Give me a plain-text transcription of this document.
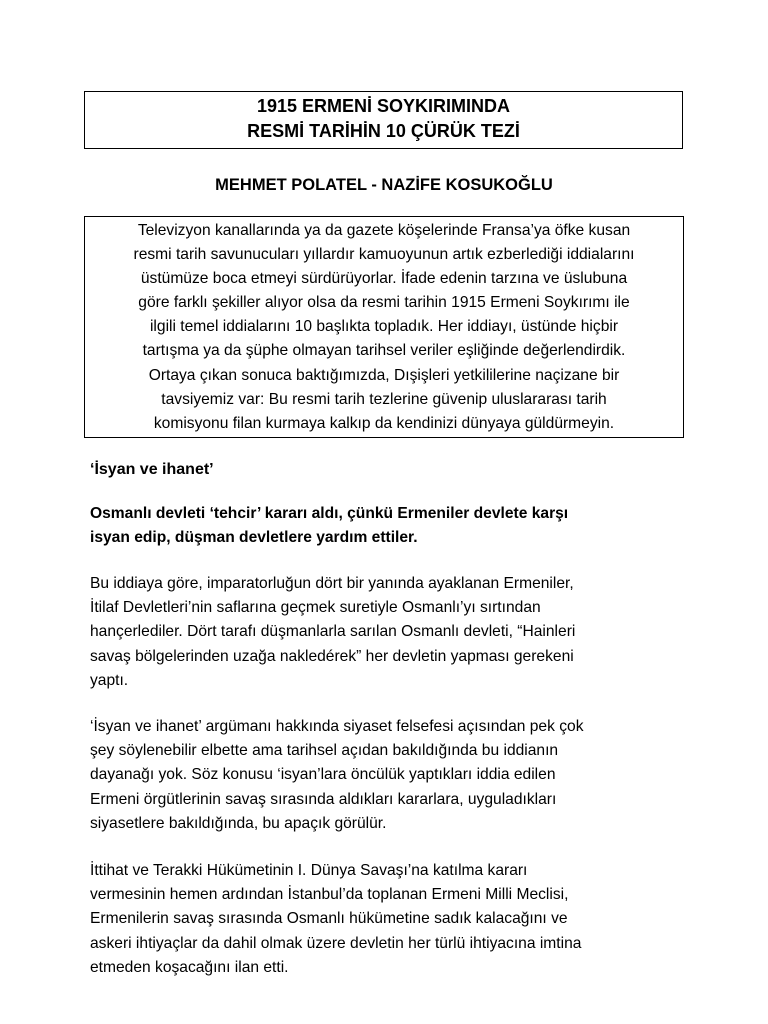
1915 ERMENİ SOYKIRIMINDA
RESMİ TARİHİN 10 ÇÜRÜK TEZİ
MEHMET POLATEL - NAZİFE KOSUKOĞLU
Televizyon kanallarında ya da gazete köşelerinde Fransa’ya öfke kusan
resmi tarih savunucuları yıllardır kamuoyunun artık ezberlediği iddialarını
üstümüze boca etmeyi sürdürüyorlar. İfade edenin tarzına ve üslubuna
göre farklı şekiller alıyor olsa da resmi tarihin 1915 Ermeni Soykırımı ile
ilgili temel iddialarını 10 başlıkta topladık. Her iddiayı, üstünde hiçbir
tartışma ya da şüphe olmayan tarihsel veriler eşliğinde değerlendirdik.
Ortaya çıkan sonuca baktığımızda, Dışişleri yetkililerine naçizane bir
tavsiyemiz var: Bu resmi tarih tezlerine güvenip uluslararası tarih
komisyonu filan kurmaya kalkıp da kendinizi dünyaya güldürmeyin.
‘İsyan ve ihanet’
Osmanlı devleti ‘tehcir’ kararı aldı, çünkü Ermeniler devlete karşı
isyan edip, düşman devletlere yardım ettiler.
Bu iddiaya göre, imparatorluğun dört bir yanında ayaklanan Ermeniler,
İtilaf Devletleri’nin saflarına geçmek suretiyle Osmanlı’yı sırtından
hançerlediler. Dört tarafı düşmanlarla sarılan Osmanlı devleti, “Hainleri
savaş bölgelerinden uzağa nakledérek” her devletin yapması gerekeni
yaptı.
‘İsyan ve ihanet’ argümanı hakkında siyaset felsefesi açısından pek çok
şey söylenebilir elbette ama tarihsel açıdan bakıldığında bu iddianın
dayanağı yok. Söz konusu ‘isyan’lara öncülük yaptıkları iddia edilen
Ermeni örgütlerinin savaş sırasında aldıkları kararlara, uyguladıkları
siyasetlere bakıldığında, bu apaçık görülür.
İttihat ve Terakki Hükümetinin I. Dünya Savaşı’na katılma kararı
vermesinin hemen ardından İstanbul’da toplanan Ermeni Milli Meclisi,
Ermenilerin savaş sırasında Osmanlı hükümetine sadık kalacağını ve
askeri ihtiyaçlar da dahil olmak üzere devletin her türlü ihtiyacına imtina
etmeden koşacağını ilan etti.
